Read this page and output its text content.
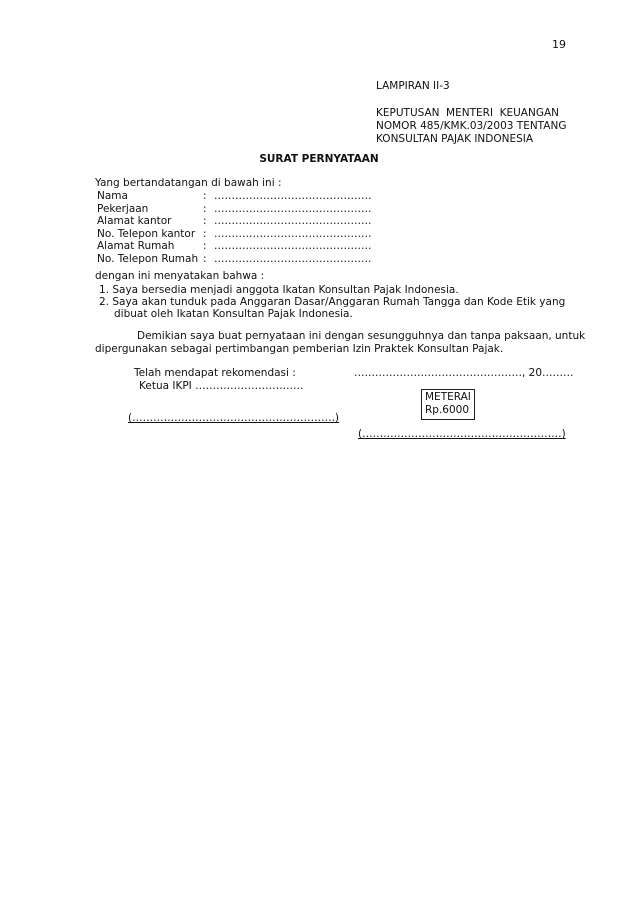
19
LAMPIRAN II-3
KEPUTUSAN MENTERI KEUANGAN
NOMOR 485/KMK.03/2003 TENTANG
KONSULTAN PAJAK INDONESIA
SURAT PERNYATAAN
Yang bertandatangan di bawah ini :
Nama	: ………………………………………
Pekerjaan	: ………………………………………
Alamat kantor	: ………………………………………
No. Telepon kantor : ………………………………………
Alamat Rumah	: ………………………………………
No. Telepon Rumah : ………………………………………
dengan ini menyatakan bahwa :
1. Saya bersedia menjadi anggota Ikatan Konsultan Pajak Indonesia.
2. Saya akan tunduk pada Anggaran Dasar/Anggaran Rumah Tangga dan Kode Etik yang
dibuat oleh Ikatan Konsultan Pajak Indonesia.
Demikian saya buat pernyataan ini dengan sesungguhnya dan tanpa paksaan, untuk
dipergunakan sebagai pertimbangan pemberian Izin Praktek Konsultan Pajak.
Telah mendapat rekomendasi :	…………………………………………, 20………
Ketua IKPI ……………………….…
METERAI
Rp.6000
(………………………………………………….)
(…………………………………………………)
